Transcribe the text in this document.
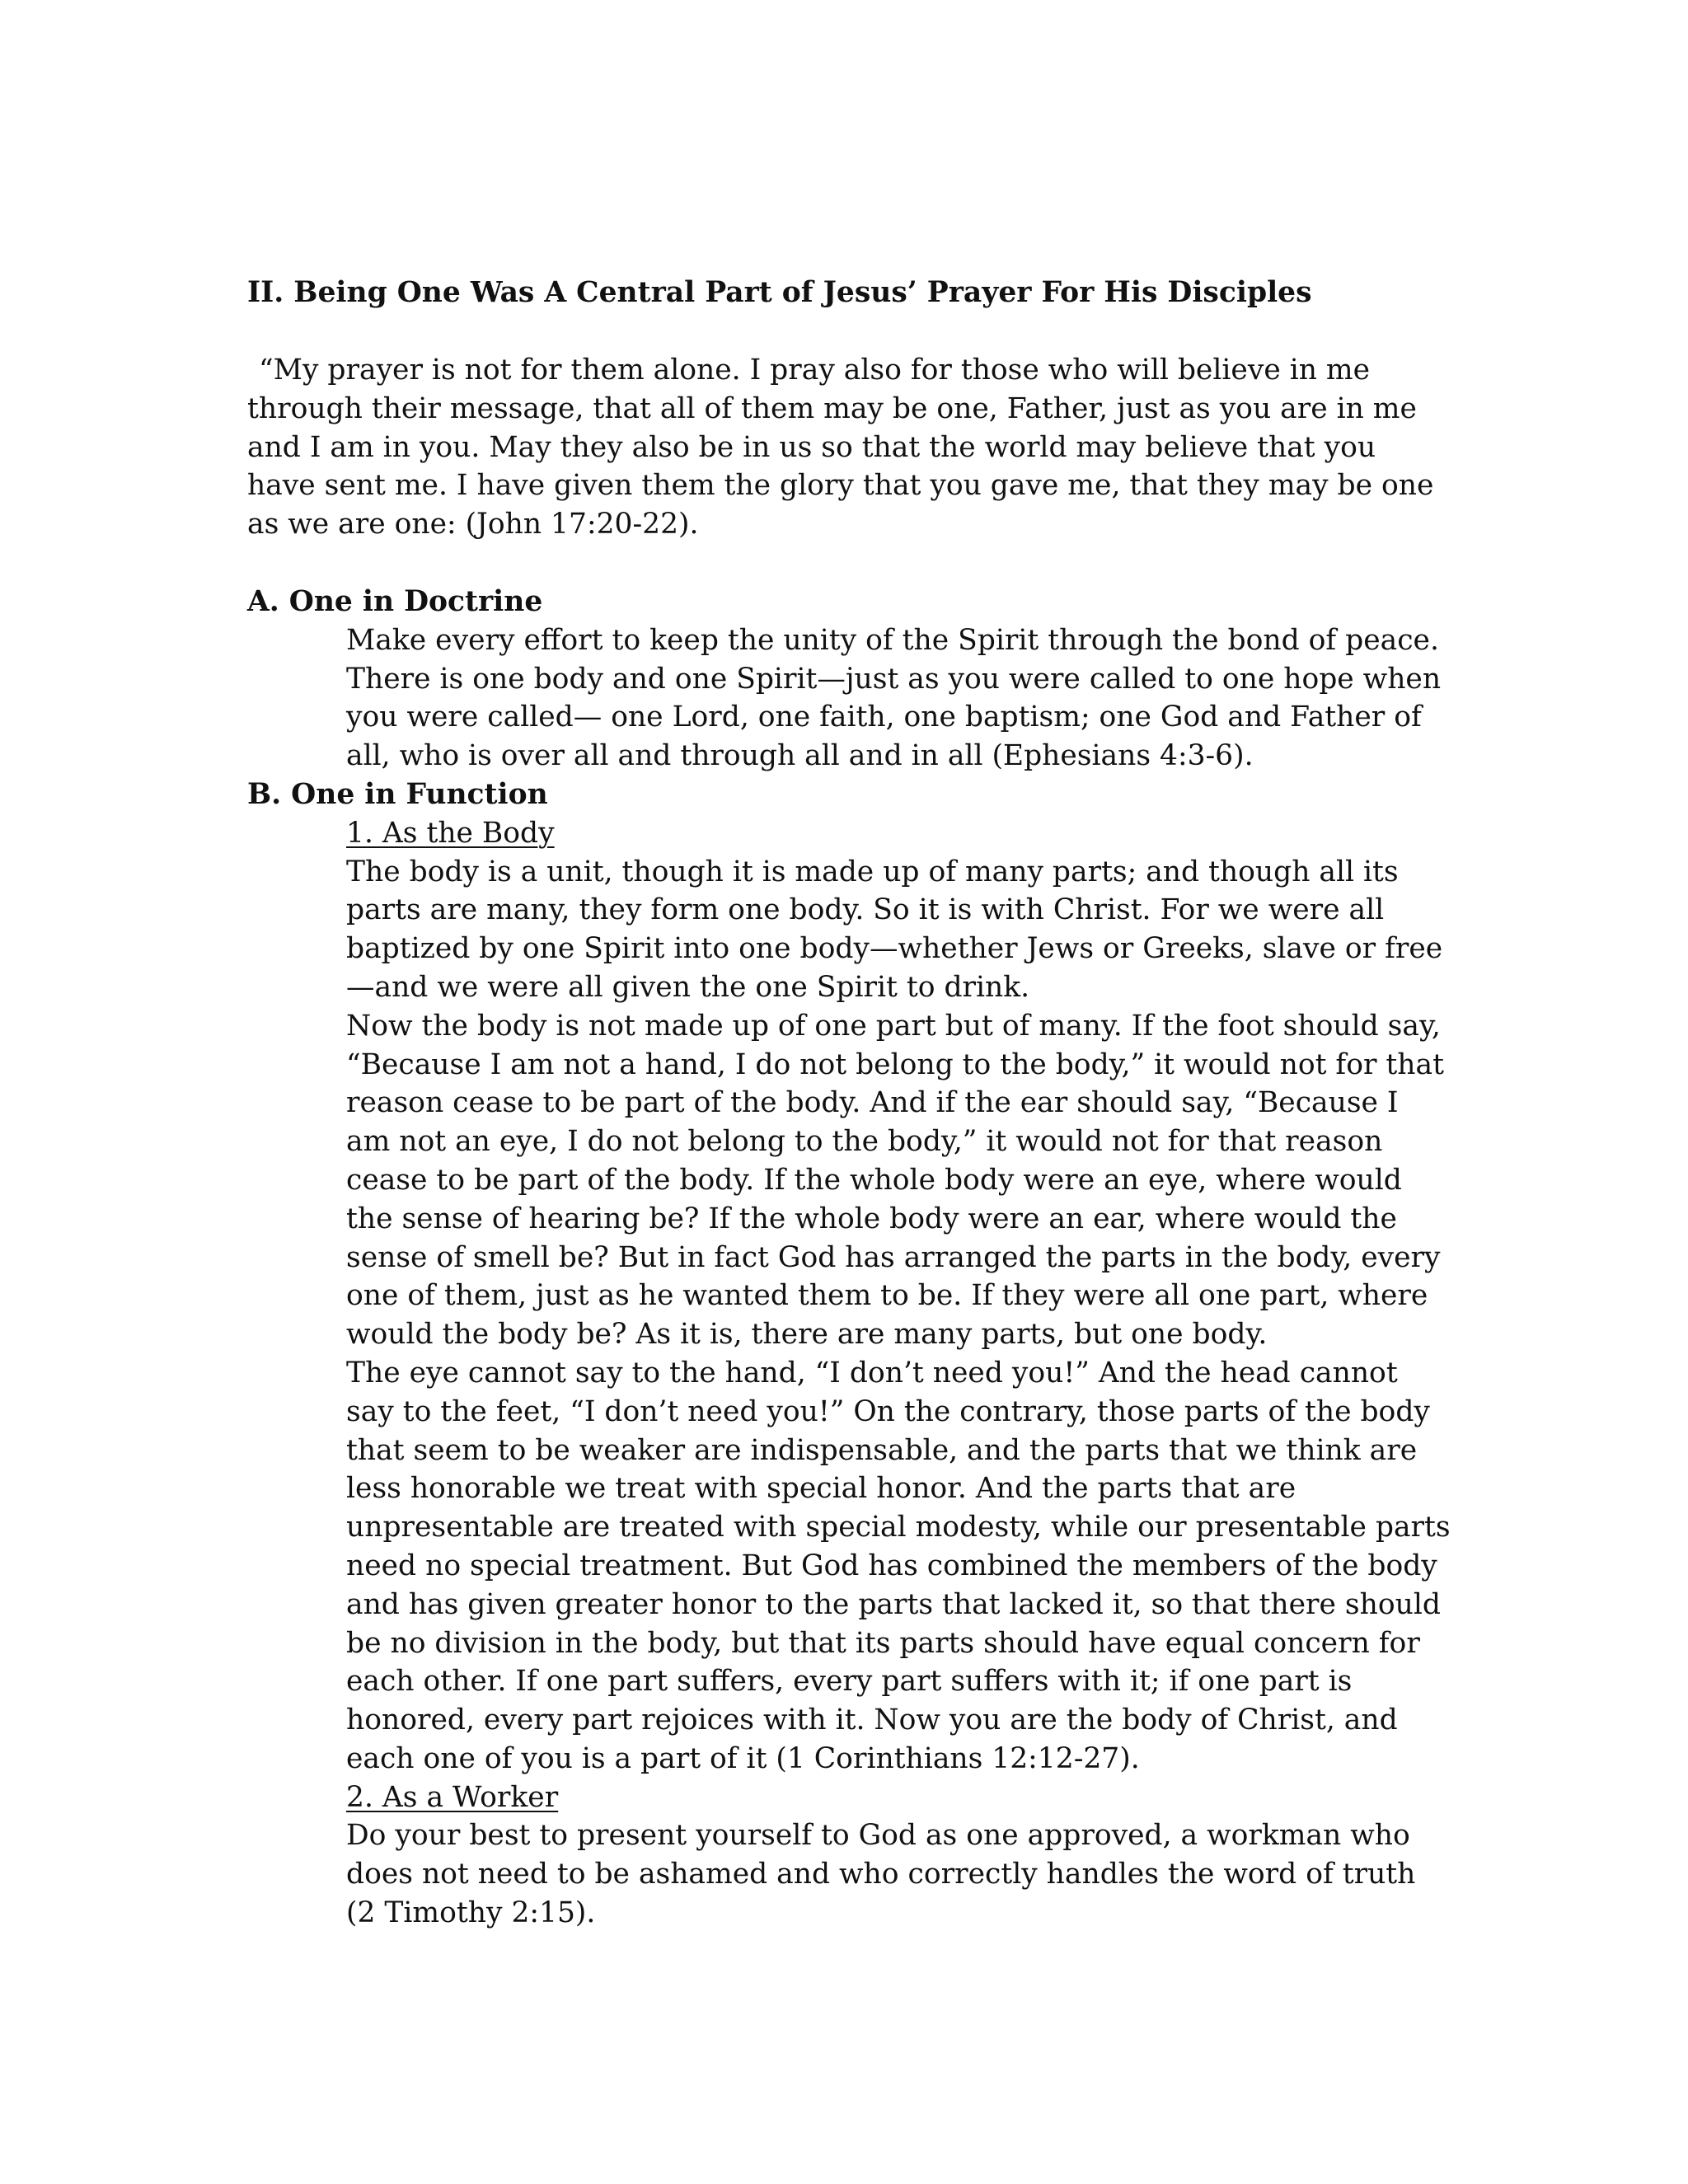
II. Being One Was A Central Part of Jesus’ Prayer For His Disciples

“My prayer is not for them alone. I pray also for those who will believe in me through their message, that all of them may be one, Father, just as you are in me and I am in you. May they also be in us so that the world may believe that you have sent me. I have given them the glory that you gave me, that they may be one as we are one: (John 17:20-22).

A. One in Doctrine

Make every effort to keep the unity of the Spirit through the bond of peace. There is one body and one Spirit—just as you were called to one hope when you were called— one Lord, one faith, one baptism; one God and Father of all, who is over all and through all and in all (Ephesians 4:3-6).

B. One in Function

1. As the Body

The body is a unit, though it is made up of many parts; and though all its parts are many, they form one body. So it is with Christ. For we were all baptized by one Spirit into one body—whether Jews or Greeks, slave or free—and we were all given the one Spirit to drink.

Now the body is not made up of one part but of many. If the foot should say, “Because I am not a hand, I do not belong to the body,” it would not for that reason cease to be part of the body. And if the ear should say, “Because I am not an eye, I do not belong to the body,” it would not for that reason cease to be part of the body. If the whole body were an eye, where would the sense of hearing be? If the whole body were an ear, where would the sense of smell be? But in fact God has arranged the parts in the body, every one of them, just as he wanted them to be. If they were all one part, where would the body be? As it is, there are many parts, but one body.

The eye cannot say to the hand, “I don’t need you!” And the head cannot say to the feet, “I don’t need you!” On the contrary, those parts of the body that seem to be weaker are indispensable, and the parts that we think are less honorable we treat with special honor. And the parts that are unpresentable are treated with special modesty, while our presentable parts need no special treatment. But God has combined the members of the body and has given greater honor to the parts that lacked it, so that there should be no division in the body, but that its parts should have equal concern for each other. If one part suffers, every part suffers with it; if one part is honored, every part rejoices with it. Now you are the body of Christ, and each one of you is a part of it (1 Corinthians 12:12-27).

2. As a Worker

Do your best to present yourself to God as one approved, a workman who does not need to be ashamed and who correctly handles the word of truth (2 Timothy 2:15).
